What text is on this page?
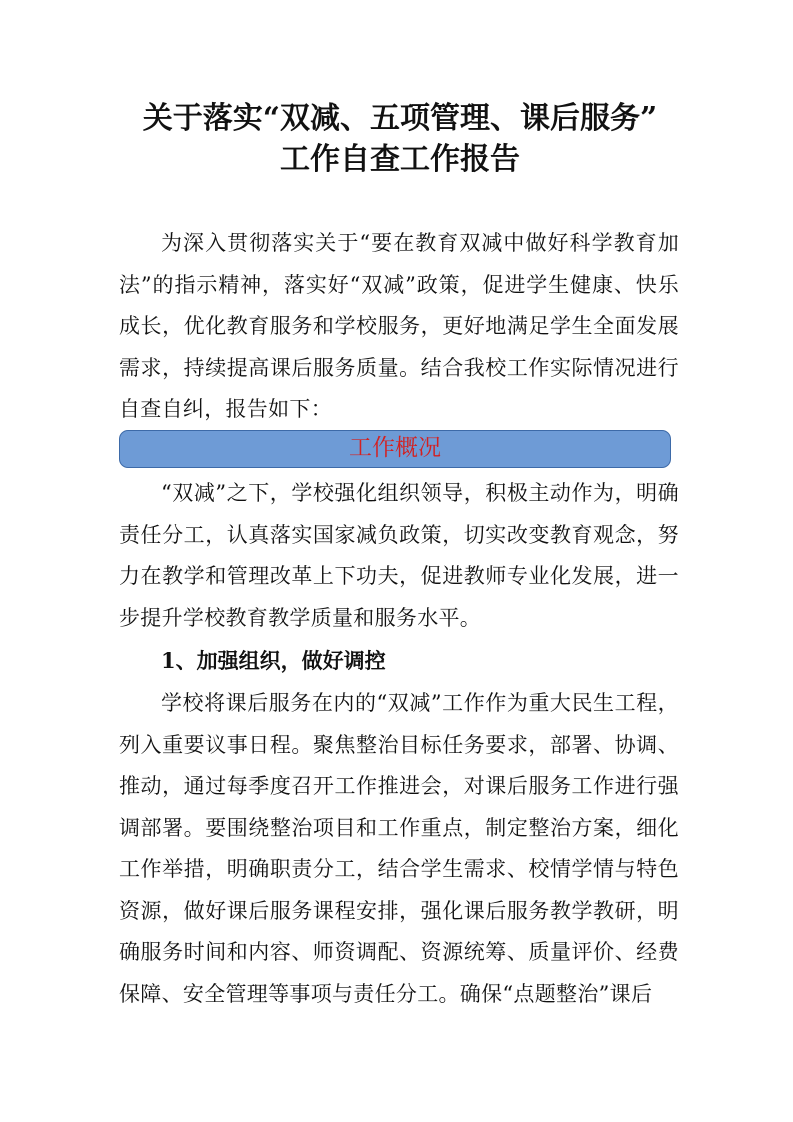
关于落实“双减、五项管理、课后服务”
工作自查工作报告
为深入贯彻落实关于“要在教育双减中做好科学教育加法”的指示精神，落实好“双减”政策，促进学生健康、快乐成长，优化教育服务和学校服务，更好地满足学生全面发展需求，持续提高课后服务质量。结合我校工作实际情况进行自查自纠，报告如下：
工作概况
“双减”之下，学校强化组织领导，积极主动作为，明确责任分工，认真落实国家减负政策，切实改变教育观念，努力在教学和管理改革上下功夫，促进教师专业化发展，进一步提升学校教育教学质量和服务水平。
1、加强组织，做好调控
学校将课后服务在内的“双减”工作作为重大民生工程，列入重要议事日程。聚焦整治目标任务要求，部署、协调、推动，通过每季度召开工作推进会，对课后服务工作进行强调部署。要围绕整治项目和工作重点，制定整治方案，细化工作举措，明确职责分工，结合学生需求、校情学情与特色资源，做好课后服务课程安排，强化课后服务教学教研，明确服务时间和内容、师资调配、资源统筹、质量评价、经费保障、安全管理等事项与责任分工。确保“点题整治”课后
